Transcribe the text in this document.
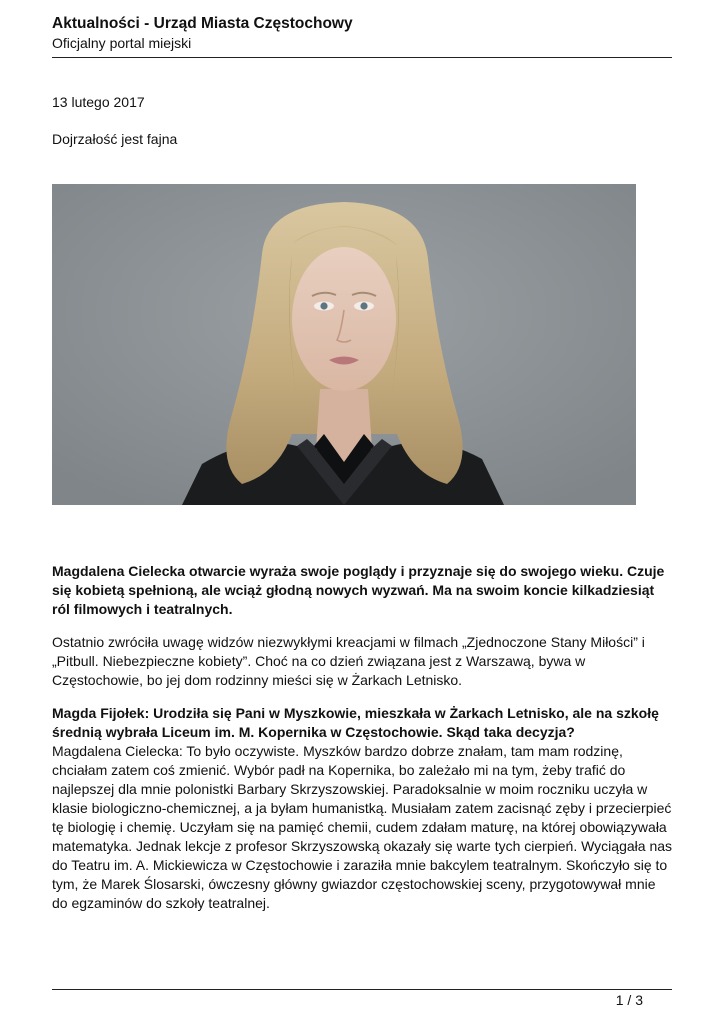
Aktualności - Urząd Miasta Częstochowy
Oficjalny portal miejski
13 lutego 2017
Dojrzałość jest fajna

Magdalena Cielecka otwarcie wyraża swoje poglądy i przyznaje się do swojego wieku. Czuje się kobietą spełnioną, ale wciąż głodną nowych wyzwań. Ma na swoim koncie kilkadziesiąt ról filmowych i teatralnych.

Ostatnio zwróciła uwagę widzów niezwykłymi kreacjami w filmach „Zjednoczone Stany Miłości” i „Pitbull. Niebezpieczne kobiety”. Choć na co dzień związana jest z Warszawą, bywa w Częstochowie, bo jej dom rodzinny mieści się w Żarkach Letnisko.

Magda Fijołek: Urodziła się Pani w Myszkowie, mieszkała w Żarkach Letnisko, ale na szkołę średnią wybrała Liceum im. M. Kopernika w Częstochowie. Skąd taka decyzja?

Magdalena Cielecka: To było oczywiste. Myszków bardzo dobrze znałam, tam mam rodzinę, chciałam zatem coś zmienić. Wybór padł na Kopernika, bo zależało mi na tym, żeby trafić do najlepszej dla mnie polonistki Barbary Skrzyszowskiej. Paradoksalnie w moim roczniku uczyła w klasie biologiczno-chemicznej, a ja byłam humanistką. Musiałam zatem zacisnąć zęby i przecierpieć tę biologię i chemię. Uczyłam się na pamięć chemii, cudem zdałam maturę, na której obowiązywała matematyka. Jednak lekcje z profesor Skrzyszowską okazały się warte tych cierpień. Wyciągała nas do Teatru im. A. Mickiewicza w Częstochowie i zaraziła mnie bakcylem teatralnym. Skończyło się to tym, że Marek Ślosarski, ówczesny główny gwiazdor częstochowskiej sceny, przygotowywał mnie do egzaminów do szkoły teatralnej.

1 / 3
